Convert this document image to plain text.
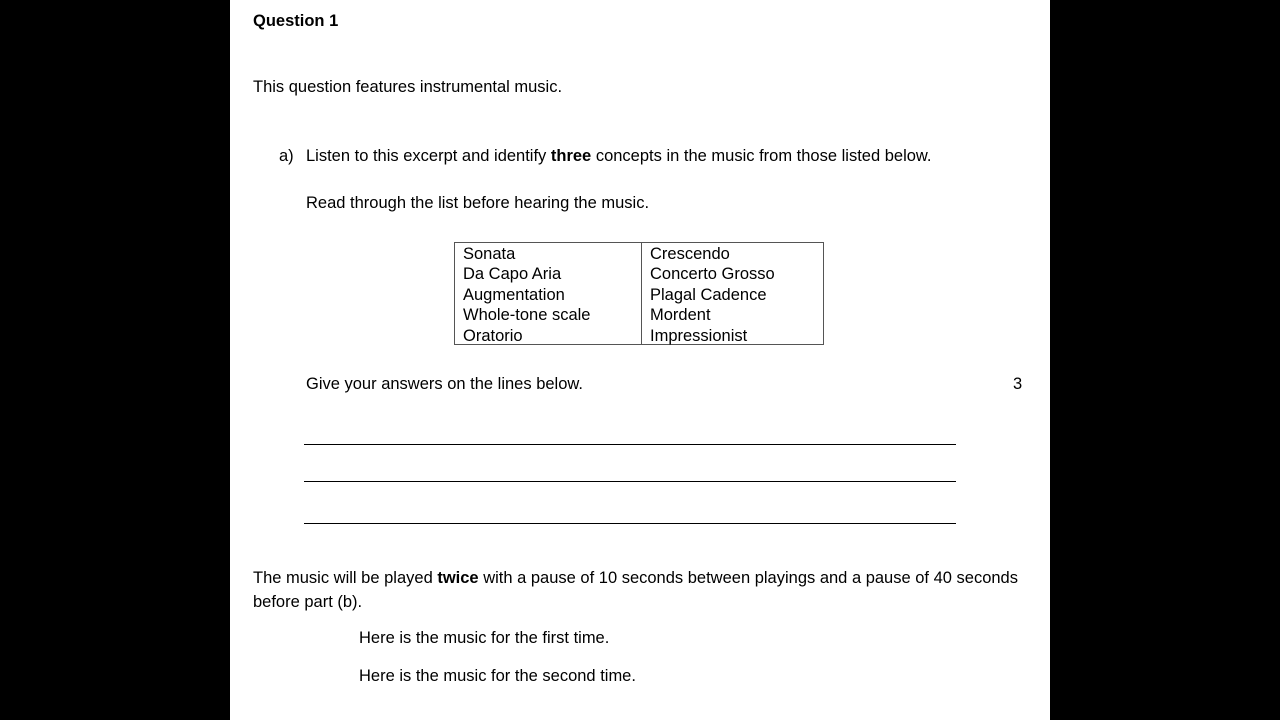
Question 1
This question features instrumental music.
a) Listen to this excerpt and identify three concepts in the music from those listed below.
Read through the list before hearing the music.
Sonata
Da Capo Aria
Augmentation
Whole-tone scale
Oratorio
Crescendo
Concerto Grosso
Plagal Cadence
Mordent
Impressionist
Give your answers on the lines below.	3
The music will be played twice with a pause of 10 seconds between playings and a pause of 40 seconds before part (b).
Here is the music for the first time.
Here is the music for the second time.
